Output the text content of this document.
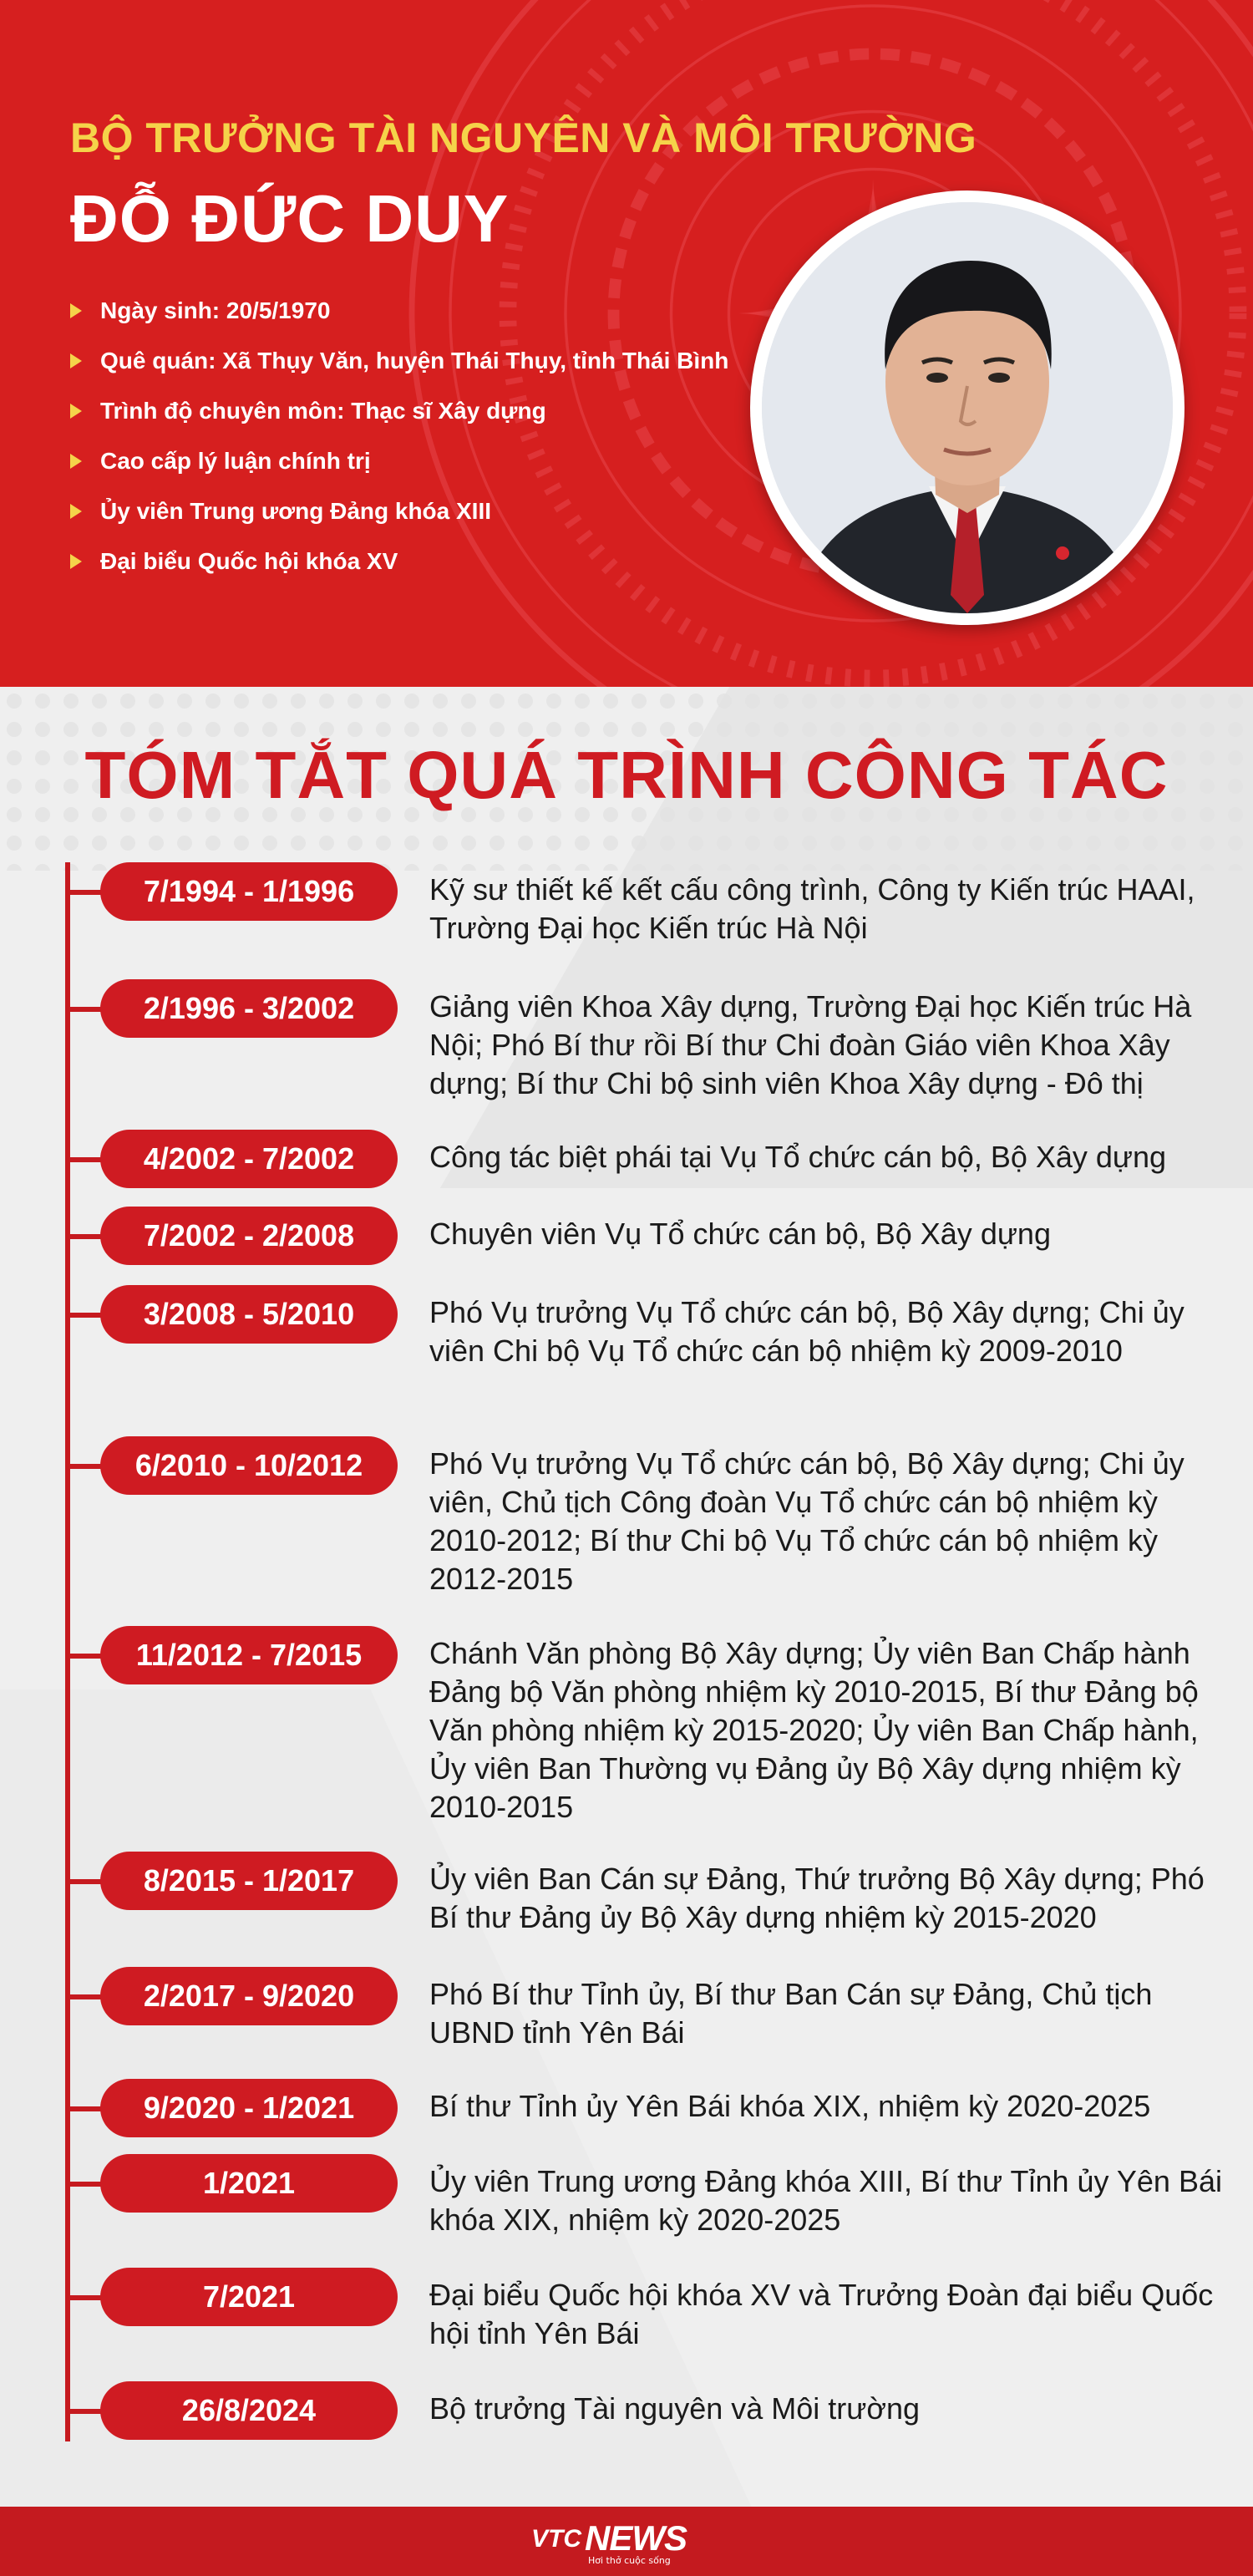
BỘ TRƯỞNG TÀI NGUYÊN VÀ MÔI TRƯỜNG
ĐỖ ĐỨC DUY
Ngày sinh: 20/5/1970
Quê quán: Xã Thụy Văn, huyện Thái Thụy, tỉnh Thái Bình
Trình độ chuyên môn: Thạc sĩ Xây dựng
Cao cấp lý luận chính trị
Ủy viên Trung ương Đảng khóa XIII
Đại biểu Quốc hội khóa XV
TÓM TẮT QUÁ TRÌNH CÔNG TÁC
7/1994 - 1/1996	Kỹ sư thiết kế kết cấu công trình, Công ty Kiến trúc HAAI, Trường Đại học Kiến trúc Hà Nội
2/1996 - 3/2002	Giảng viên Khoa Xây dựng, Trường Đại học Kiến trúc Hà Nội; Phó Bí thư rồi Bí thư Chi đoàn Giáo viên Khoa Xây dựng; Bí thư Chi bộ sinh viên Khoa Xây dựng - Đô thị
4/2002 - 7/2002	Công tác biệt phái tại Vụ Tổ chức cán bộ, Bộ Xây dựng
7/2002 - 2/2008	Chuyên viên Vụ Tổ chức cán bộ, Bộ Xây dựng
3/2008 - 5/2010	Phó Vụ trưởng Vụ Tổ chức cán bộ, Bộ Xây dựng; Chi ủy viên Chi bộ Vụ Tổ chức cán bộ nhiệm kỳ 2009-2010
6/2010 - 10/2012	Phó Vụ trưởng Vụ Tổ chức cán bộ, Bộ Xây dựng; Chi ủy viên, Chủ tịch Công đoàn Vụ Tổ chức cán bộ nhiệm kỳ 2010-2012; Bí thư Chi bộ Vụ Tổ chức cán bộ nhiệm kỳ 2012-2015
11/2012 - 7/2015	Chánh Văn phòng Bộ Xây dựng; Ủy viên Ban Chấp hành Đảng bộ Văn phòng nhiệm kỳ 2010-2015, Bí thư Đảng bộ Văn phòng nhiệm kỳ 2015-2020; Ủy viên Ban Chấp hành, Ủy viên Ban Thường vụ Đảng ủy Bộ Xây dựng nhiệm kỳ 2010-2015
8/2015 - 1/2017	Ủy viên Ban Cán sự Đảng, Thứ trưởng Bộ Xây dựng; Phó Bí thư Đảng ủy Bộ Xây dựng nhiệm kỳ 2015-2020
2/2017 - 9/2020	Phó Bí thư Tỉnh ủy, Bí thư Ban Cán sự Đảng, Chủ tịch UBND tỉnh Yên Bái
9/2020 - 1/2021	Bí thư Tỉnh ủy Yên Bái khóa XIX, nhiệm kỳ 2020-2025
1/2021	Ủy viên Trung ương Đảng khóa XIII, Bí thư Tỉnh ủy Yên Bái khóa XIX, nhiệm kỳ 2020-2025
7/2021	Đại biểu Quốc hội khóa XV và Trưởng Đoàn đại biểu Quốc hội tỉnh Yên Bái
26/8/2024	Bộ trưởng Tài nguyên và Môi trường
VTC NEWS
Hơi thở cuộc sống
